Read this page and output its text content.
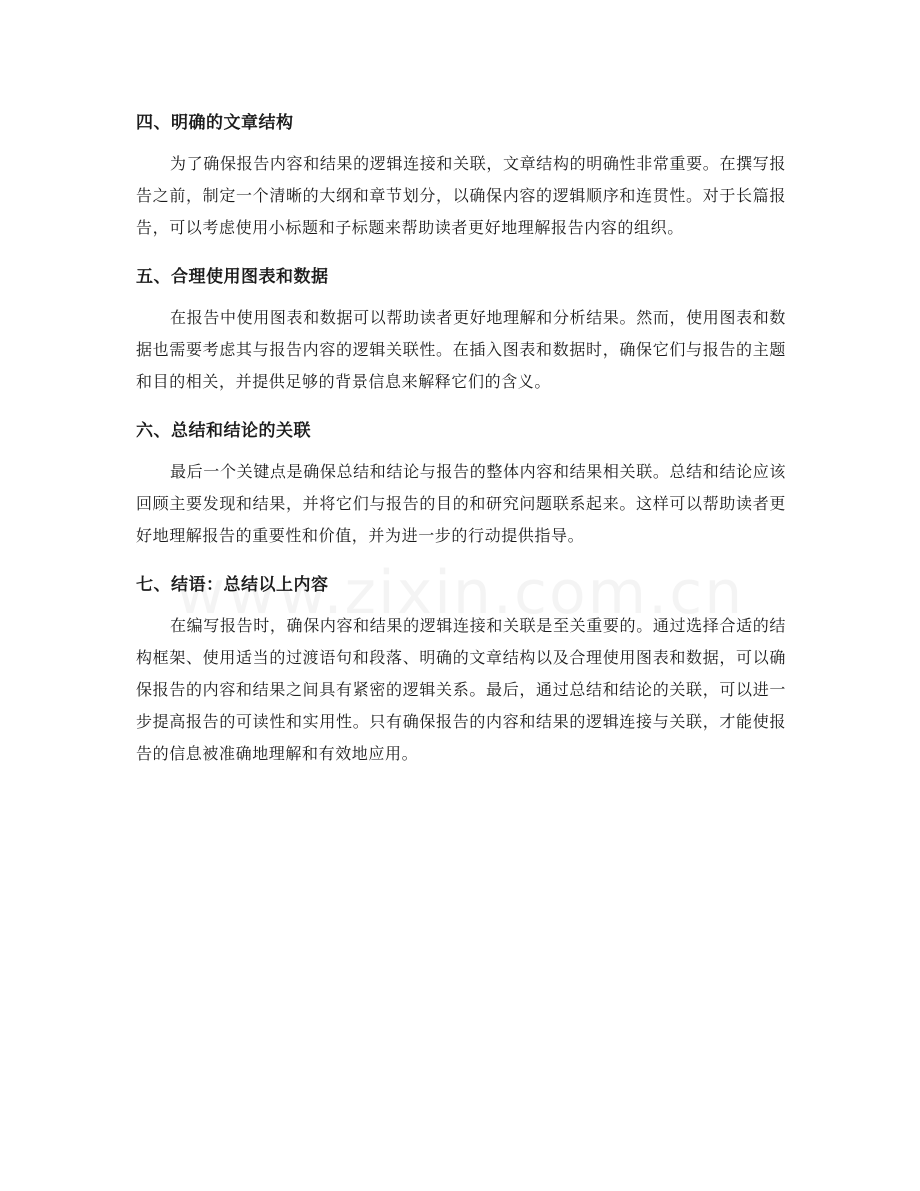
四、明确的文章结构

为了确保报告内容和结果的逻辑连接和关联，文章结构的明确性非常重要。在撰写报告之前，制定一个清晰的大纲和章节划分，以确保内容的逻辑顺序和连贯性。对于长篇报告，可以考虑使用小标题和子标题来帮助读者更好地理解报告内容的组织。

五、合理使用图表和数据

在报告中使用图表和数据可以帮助读者更好地理解和分析结果。然而，使用图表和数据也需要考虑其与报告内容的逻辑关联性。在插入图表和数据时，确保它们与报告的主题和目的相关，并提供足够的背景信息来解释它们的含义。

六、总结和结论的关联

最后一个关键点是确保总结和结论与报告的整体内容和结果相关联。总结和结论应该回顾主要发现和结果，并将它们与报告的目的和研究问题联系起来。这样可以帮助读者更好地理解报告的重要性和价值，并为进一步的行动提供指导。

七、结语：总结以上内容

在编写报告时，确保内容和结果的逻辑连接和关联是至关重要的。通过选择合适的结构框架、使用适当的过渡语句和段落、明确的文章结构以及合理使用图表和数据，可以确保报告的内容和结果之间具有紧密的逻辑关系。最后，通过总结和结论的关联，可以进一步提高报告的可读性和实用性。只有确保报告的内容和结果的逻辑连接与关联，才能使报告的信息被准确地理解和有效地应用。
